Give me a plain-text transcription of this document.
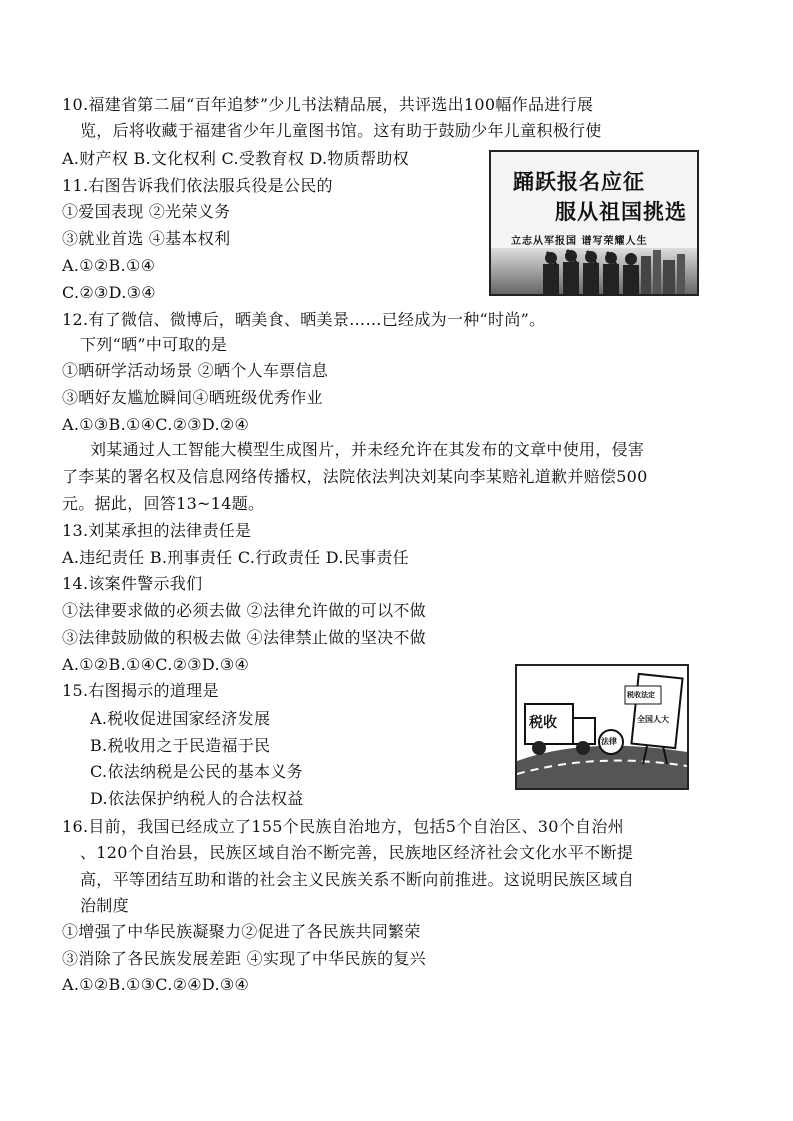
10.福建省第二届“百年追梦”少儿书法精品展，共评选出100幅作品进行展
览，后将收藏于福建省少年儿童图书馆。这有助于鼓励少年儿童积极行使
A.财产权 B.文化权利 C.受教育权 D.物质帮助权
11.右图告诉我们依法服兵役是公民的
①爱国表现 ②光荣义务
③就业首选 ④基本权利
A.①②B.①④
C.②③D.③④
踊跃报名应征
服从祖国挑选
立志从军报国 谱写荣耀人生
12.有了微信、微博后，晒美食、晒美景……已经成为一种“时尚”。
下列“晒”中可取的是
①晒研学活动场景 ②晒个人车票信息
③晒好友尴尬瞬间④晒班级优秀作业
A.①③B.①④C.②③D.②④
刘某通过人工智能大模型生成图片，并未经允许在其发布的文章中使用，侵害
了李某的署名权及信息网络传播权，法院依法判决刘某向李某赔礼道歉并赔偿500
元。据此，回答13~14题。
13.刘某承担的法律责任是
A.违纪责任 B.刑事责任 C.行政责任 D.民事责任
14.该案件警示我们
①法律要求做的必须去做 ②法律允许做的可以不做
③法律鼓励做的积极去做 ④法律禁止做的坚决不做
A.①②B.①④C.②③D.③④
15.右图揭示的道理是
A.税收促进国家经济发展
B.税收用之于民造福于民
C.依法纳税是公民的基本义务
D.依法保护纳税人的合法权益
税收
法律
税收法定
全国人大
16.目前，我国已经成立了155个民族自治地方，包括5个自治区、30个自治州
、120个自治县，民族区域自治不断完善，民族地区经济社会文化水平不断提
高，平等团结互助和谐的社会主义民族关系不断向前推进。这说明民族区域自
治制度
①增强了中华民族凝聚力②促进了各民族共同繁荣
③消除了各民族发展差距 ④实现了中华民族的复兴
A.①②B.①③C.②④D.③④
